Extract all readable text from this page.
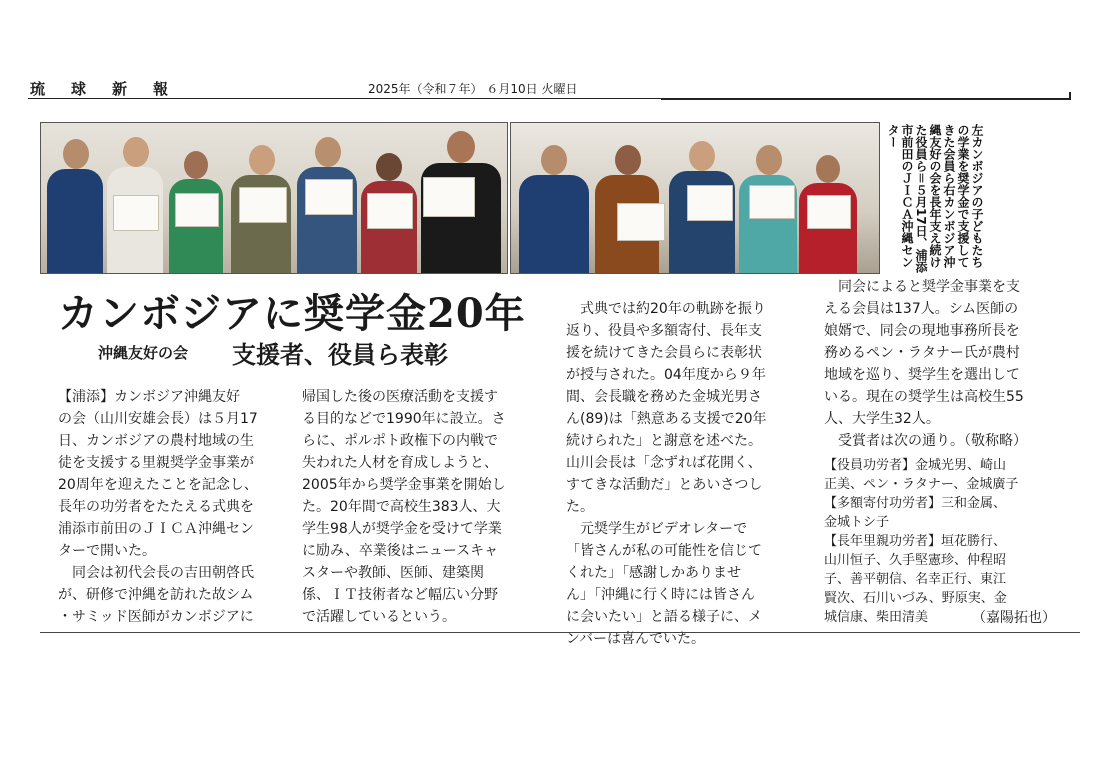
琉球新報	2025年（令和７年） ６月10日 火曜日
左カンボジアの子どもたちの学業を奨学金で支援してきた会員ら右カンボジア沖縄友好の会を長年支え続けた役員ら＝５月17日、浦添市前田のＪＩＣＡ沖縄センター
カンボジアに奨学金20年
沖縄友好の会 支援者、役員ら表彰
【浦添】カンボジア沖縄友好
の会（山川安雄会長）は５月17
日、カンボジアの農村地域の生
徒を支援する里親奨学金事業が
20周年を迎えたことを記念し、
長年の功労者をたたえる式典を
浦添市前田のＪＩＣＡ沖縄セン
ターで開いた。
　同会は初代会長の吉田朝啓氏
が、研修で沖縄を訪れた故シム
・サミッド医師がカンボジアに
帰国した後の医療活動を支援す
る目的などで1990年に設立。さ
らに、ポルポト政権下の内戦で
失われた人材を育成しようと、
2005年から奨学金事業を開始し
た。20年間で高校生383人、大
学生98人が奨学金を受けて学業
に励み、卒業後はニュースキャ
スターや教師、医師、建築関
係、ＩＴ技術者など幅広い分野
で活躍しているという。
　式典では約20年の軌跡を振り
返り、役員や多額寄付、長年支
援を続けてきた会員らに表彰状
が授与された。04年度から９年
間、会長職を務めた金城光男さ
ん(89)は「熱意ある支援で20年
続けられた」と謝意を述べた。
山川会長は「念ずれば花開く、
すてきな活動だ」とあいさつし
た。
　元奨学生がビデオレターで
「皆さんが私の可能性を信じて
くれた」「感謝しかありませ
ん」「沖縄に行く時には皆さん
に会いたい」と語る様子に、メ
ンバーは喜んでいた。
　同会によると奨学金事業を支
える会員は137人。シム医師の
娘婿で、同会の現地事務所長を
務めるペン・ラタナー氏が農村
地域を巡り、奨学生を選出して
いる。現在の奨学生は高校生55
人、大学生32人。
　受賞者は次の通り。（敬称略）
【役員功労者】金城光男、崎山
正美、ペン・ラタナー、金城廣子
【多額寄付功労者】三和金属、
金城トシ子
【長年里親功労者】垣花勝行、
山川恒子、久手堅憲珍、仲程昭
子、善平朝信、名幸正行、東江
賢次、石川いづみ、野原実、金
城信康、柴田清美	（嘉陽拓也）
